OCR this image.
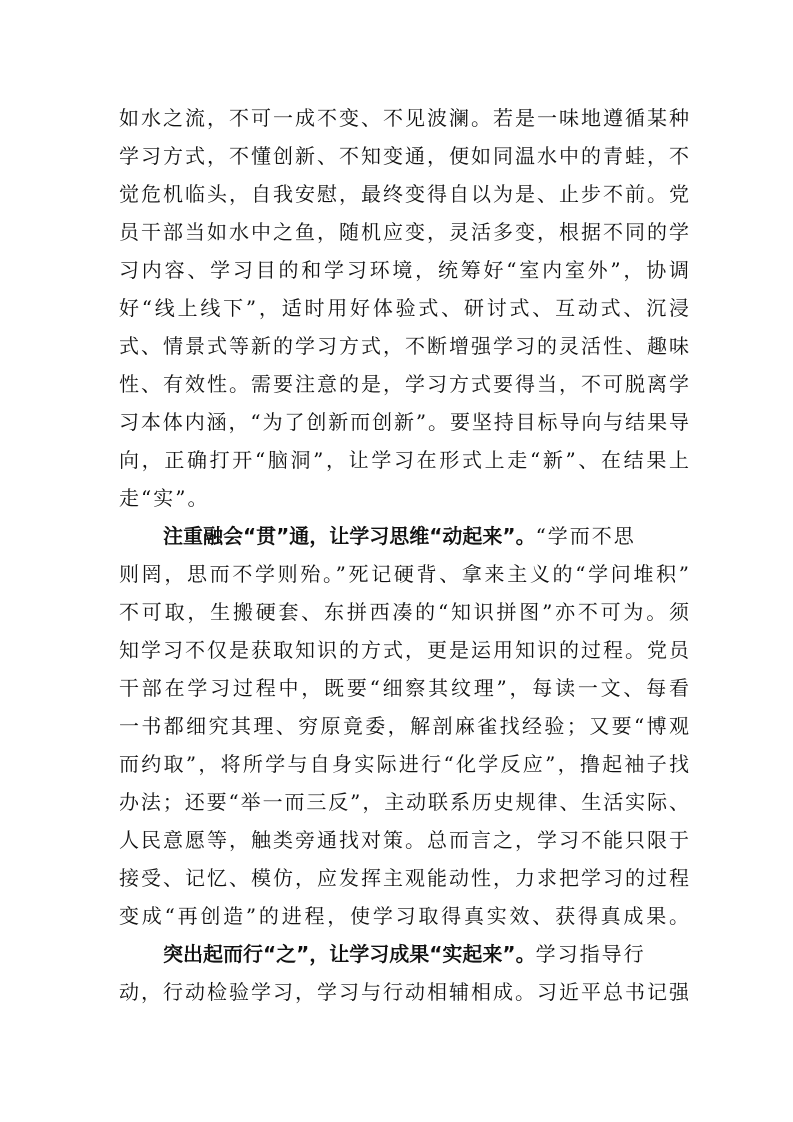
如水之流，不可一成不变、不见波澜。若是一味地遵循某种
学习方式，不懂创新、不知变通，便如同温水中的青蛙，不
觉危机临头，自我安慰，最终变得自以为是、止步不前。党
员干部当如水中之鱼，随机应变，灵活多变，根据不同的学
习内容、学习目的和学习环境，统筹好“室内室外”，协调
好“线上线下”，适时用好体验式、研讨式、互动式、沉浸
式、情景式等新的学习方式，不断增强学习的灵活性、趣味
性、有效性。需要注意的是，学习方式要得当，不可脱离学
习本体内涵，“为了创新而创新”。要坚持目标导向与结果导
向，正确打开“脑洞”，让学习在形式上走“新”、在结果上
走“实”。
注重融会“贯”通，让学习思维“动起来”。“学而不思
则罔，思而不学则殆。”死记硬背、拿来主义的“学问堆积”
不可取，生搬硬套、东拼西凑的“知识拼图”亦不可为。须
知学习不仅是获取知识的方式，更是运用知识的过程。党员
干部在学习过程中，既要“细察其纹理”，每读一文、每看
一书都细究其理、穷原竟委，解剖麻雀找经验；又要“博观
而约取”，将所学与自身实际进行“化学反应”，撸起袖子找
办法；还要“举一而三反”，主动联系历史规律、生活实际、
人民意愿等，触类旁通找对策。总而言之，学习不能只限于
接受、记忆、模仿，应发挥主观能动性，力求把学习的过程
变成“再创造”的进程，使学习取得真实效、获得真成果。
突出起而行“之”，让学习成果“实起来”。学习指导行
动，行动检验学习，学习与行动相辅相成。习近平总书记强
